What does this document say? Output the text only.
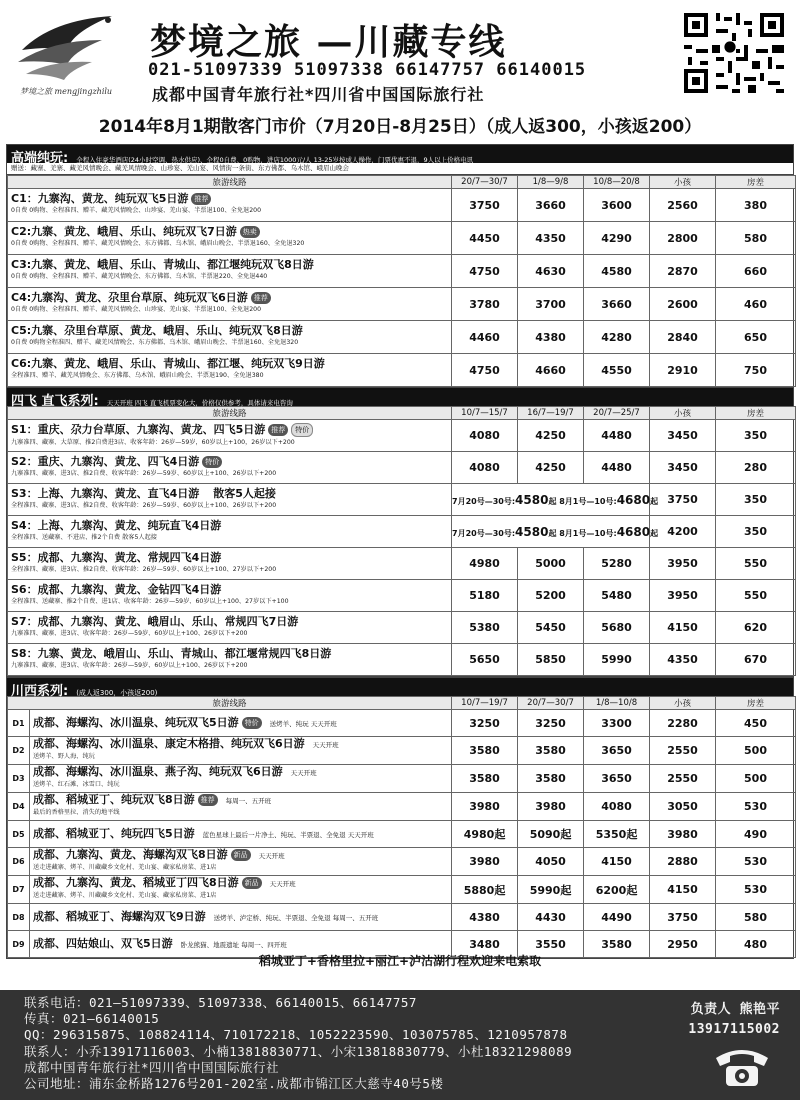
梦境之旅 mengjingzhilu
梦境之旅 —川藏专线
021-51097339 51097338 66147757 66140015
成都中国青年旅行社*四川省中国国际旅行社
2014年8月1期散客门市价（7月20日-8月25日）（成人返300，小孩返200）
高端纯玩: 全程入住豪华酒店(24小时空调、热水供应)、全程0自费、0购物，进店1000元/人 13-25岁按成人操作，门票优惠不退，9人以上价格电讯
赠送：藏寨、羌寨、藏羌风情晚会、藏羌风情晚会、山珍宴、羌山宴、风情街一条街、东方佛都、乌木馆、峨眉山晚会
旅游线路	20/7—30/7	1/8—9/8	10/8—20/8	小孩	房差

C1：九寨沟、黄龙、纯玩双飞5日游 推荐
0自费 0购物、全程准四、赠羊、藏羌风情晚会、山珍宴、羌山宴、半票退100、全免退200	3750	3660	3600	2560	380

C2:九寨、黄龙、峨眉、乐山、纯玩双飞7日游 热卖
0自费 0购物、全程准四、赠羊、藏羌风情晚会、东方佛都、乌木馆、峨眉山晚会、半票退160、全免退320	4450	4350	4290	2800	580

C3:九寨、黄龙、峨眉、乐山、青城山、都江堰纯玩双飞8日游
0自费 0购物、全程准四、赠羊、藏羌风情晚会、东方佛都、乌木馆、半票退220、全免退440	4750	4630	4580	2870	660

C4:九寨沟、黄龙、尕里台草原、纯玩双飞6日游 推荐
0自费 0购物、全程准四、赠羊、藏羌风情晚会、山珍宴、羌山宴、半票退100、全免退200	3780	3700	3660	2600	460

C5:九寨、尕里台草原、黄龙、峨眉、乐山、纯玩双飞8日游
0自费 0购物全程准四、赠羊、藏羌风情晚会、东方佛都、乌木馆、峨眉山晚会、半票退160、全免退320	4460	4380	4280	2840	650

C6:九寨、黄龙、峨眉、乐山、青城山、都江堰、纯玩双飞9日游
全程准四、赠羊、藏羌风情晚会、东方佛都、乌木馆、峨眉山晚会、半票退190、全免退380	4750	4660	4550	2910	750
四飞 直飞系列: 天天开班 四飞 直飞机票变化大，价格仅供参考，具体请来电咨询
旅游线路	10/7—15/7	16/7—19/7	20/7—25/7	小孩	房差

S1：重庆、尕力台草原、九寨沟、黄龙、四飞5日游 推荐 特价
九寨准四、藏寨、大草原、推2自费进3店、收客年龄：26岁—59岁，60岁以上+100，26岁以下+200	4080	4250	4480	3450	350

S2：重庆、九寨沟、黄龙、四飞4日游 特价
九寨准四、藏寨、进3店、推2自费、收客年龄：26岁—59岁、60岁以上+100、26岁以下+200	4080	4250	4480	3450	280

S3：上海、九寨沟、黄龙、直飞4日游 散客5人起接
全程准四、藏寨、进3店、推2自费、收客年龄：26岁—59岁、60岁以上+100、26岁以下+200	7月20号—30号:4580起 8月1号—10号:4680起			3750	350

S4：上海、九寨沟、黄龙、纯玩直飞4日游
全程准四、送藏寨、不进店、推2个自费 散客5人起接	7月20号—30号:4580起 8月1号—10号:4680起			4200	350

S5：成都、九寨沟、黄龙、常规四飞4日游
全程准四、藏寨、进3店、推2自费、收客年龄：26岁—59岁、60岁以上+100、27岁以下+200	4980	5000	5280	3950	550

S6：成都、九寨沟、黄龙、金钻四飞4日游
全程准四、送藏寨、推2个自费、进1店、收客年龄：26岁—59岁、60岁以上+100、27岁以下+100	5180	5200	5480	3950	550

S7：成都、九寨沟、黄龙、峨眉山、乐山、常规四飞7日游
九寨准四、藏寨、进3店、收客年龄：26岁—59岁、60岁以上+100、26岁以下+200	5380	5450	5680	4150	620

S8：九寨、黄龙、峨眉山、乐山、青城山、都江堰常规四飞8日游
九寨准四、藏寨、进3店、收客年龄：26岁—59岁、60岁以上+100、26岁以下+200	5650	5850	5990	4350	670
川西系列: (成人返300，小孩返200)
旅游线路		10/7—19/7	20/7—30/7	1/8—10/8	小孩	房差
D1	成都、海螺沟、冰川温泉、纯玩双飞5日游 特价 送烤羊、纯玩 天天开班	3250	3250	3300	2280	450
D2	成都、海螺沟、冰川温泉、康定木格措、纯玩双飞6日游 天天开班
送烤羊、野人海、纯玩	3580	3580	3650	2550	500
D3	成都、海螺沟、冰川温泉、燕子沟、纯玩双飞6日游 天天开班
送烤羊、红石滩、冰雪口、纯玩	3580	3580	3650	2550	500
D4	成都、稻城亚丁、纯玩双飞8日游 推荐 每周一、五开班
最后的香格里拉、消失的地平线	3980	3980	4080	3050	530
D5	成都、稻城亚丁、纯玩四飞5日游 蓝色星球上最后一片净土、纯玩、半票退、全免退 天天开班	4980起	5090起	5350起	3980	490
D6	成都、九寨沟、黄龙、海螺沟双飞8日游 新品 天天开班
送走进藏寨、烤羊、川藏藏乡文化村、羌山宴、藏家私房菜、进1店	3980	4050	4150	2880	530
D7	成都、九寨沟、黄龙、稻城亚丁四飞8日游 新品 天天开班
送走进藏寨、烤羊、川藏藏乡文化村、羌山宴、藏家私房菜、进1店	5880起	5990起	6200起	4150	530
D8	成都、稻城亚丁、海螺沟双飞9日游 送烤羊、泸定桥、纯玩、半票退、全免退 每周一、五开班	4380	4430	4490	3750	580
D9	成都、四姑娘山、双飞5日游 卧龙熊猫、地震遗址 每周一、四开班	3480	3550	3580	2950	480
稻城亚丁+香格里拉+丽江+泸沽湖行程欢迎来电索取
联系电话：021—51097339、51097338、66140015、66147757
传真：021—66140015
QQ：296315875、108824114、710172218、1052223590、103075785、1210957878
联系人：小乔13917116003、小楠13818830771、小宋13818830779、小杜18321298089
成都中国青年旅行社*四川省中国国际旅行社
公司地址：浦东金桥路1276号201-202室.成都市锦江区大慈寺40号5楼
负责人 熊艳平
13917115002
